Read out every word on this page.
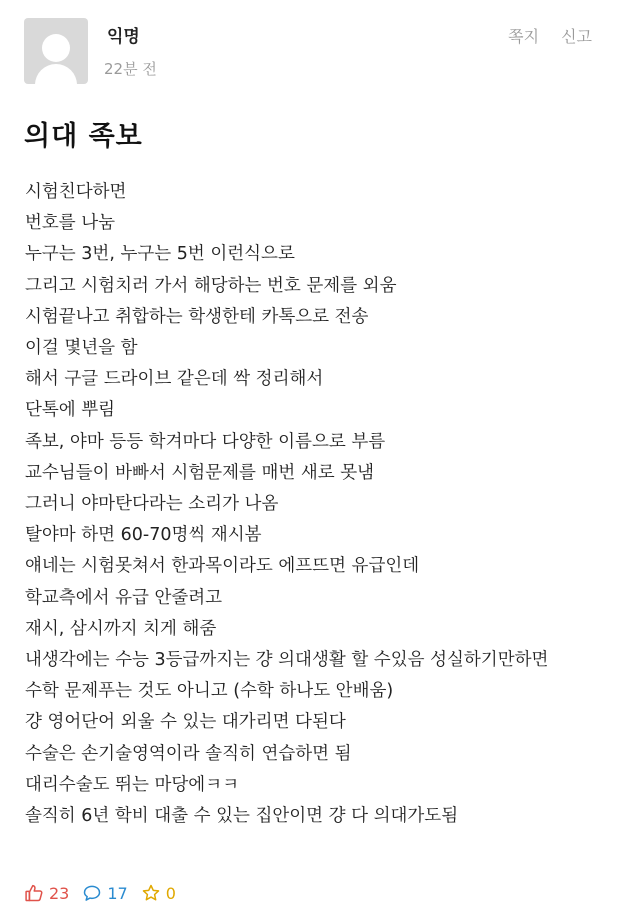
익명
22분 전
쪽지 신고
의대 족보
시험친다하면
번호를 나눔
누구는 3번, 누구는 5번 이런식으로
그리고 시험치러 가서 해당하는 번호 문제를 외움
시험끝나고 취합하는 학생한테 카톡으로 전송
이걸 몇년을 함
해서 구글 드라이브 같은데 싹 정리해서
단톡에 뿌림
족보, 야마 등등 학겨마다 다양한 이름으로 부름
교수님들이 바빠서 시험문제를 매번 새로 못냄
그러니 야마탄다라는 소리가 나옴
탈야마 하면 60-70명씩 재시봄
얘네는 시험못쳐서 한과목이라도 에프뜨면 유급인데
학교측에서 유급 안줄려고
재시, 삼시까지 치게 해줌
내생각에는 수능 3등급까지는 걍 의대생활 할 수있음 성실하기만하면
수학 문제푸는 것도 아니고 (수학 하나도 안배움)
걍 영어단어 외울 수 있는 대가리면 다된다
수술은 손기술영역이라 솔직히 연습하면 됨
대리수술도 뛰는 마당에ㅋㅋ
솔직히 6년 학비 대출 수 있는 집안이면 걍 다 의대가도됨
23 17 0
